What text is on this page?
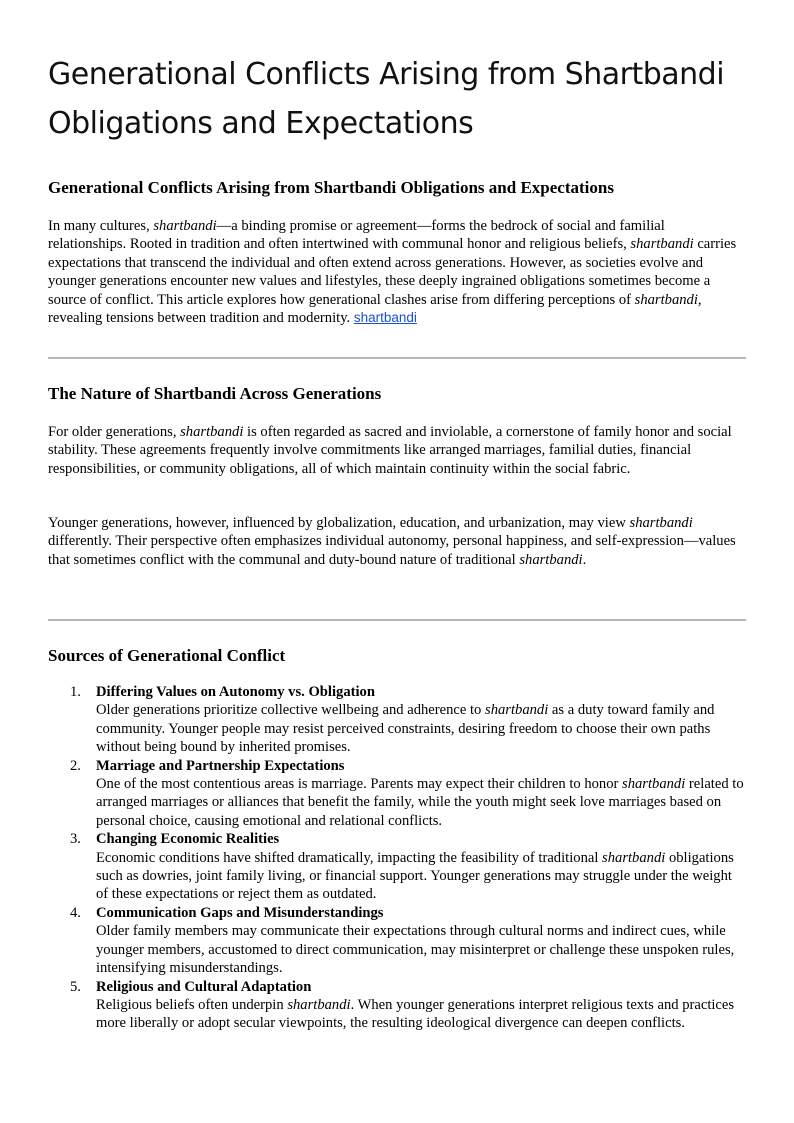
Generational Conflicts Arising from Shartbandi Obligations and Expectations
Generational Conflicts Arising from Shartbandi Obligations and Expectations

In many cultures, shartbandi—a binding promise or agreement—forms the bedrock of social and familial relationships. Rooted in tradition and often intertwined with communal honor and religious beliefs, shartbandi carries expectations that transcend the individual and often extend across generations. However, as societies evolve and younger generations encounter new values and lifestyles, these deeply ingrained obligations sometimes become a source of conflict. This article explores how generational clashes arise from differing perceptions of shartbandi, revealing tensions between tradition and modernity. shartbandi

The Nature of Shartbandi Across Generations

For older generations, shartbandi is often regarded as sacred and inviolable, a cornerstone of family honor and social stability. These agreements frequently involve commitments like arranged marriages, familial duties, financial responsibilities, or community obligations, all of which maintain continuity within the social fabric.

Younger generations, however, influenced by globalization, education, and urbanization, may view shartbandi differently. Their perspective often emphasizes individual autonomy, personal happiness, and self-expression—values that sometimes conflict with the communal and duty-bound nature of traditional shartbandi.

Sources of Generational Conflict
1. Differing Values on Autonomy vs. Obligation
Older generations prioritize collective wellbeing and adherence to shartbandi as a duty toward family and community. Younger people may resist perceived constraints, desiring freedom to choose their own paths without being bound by inherited promises.
2. Marriage and Partnership Expectations
One of the most contentious areas is marriage. Parents may expect their children to honor shartbandi related to arranged marriages or alliances that benefit the family, while the youth might seek love marriages based on personal choice, causing emotional and relational conflicts.
3. Changing Economic Realities
Economic conditions have shifted dramatically, impacting the feasibility of traditional shartbandi obligations such as dowries, joint family living, or financial support. Younger generations may struggle under the weight of these expectations or reject them as outdated.
4. Communication Gaps and Misunderstandings
Older family members may communicate their expectations through cultural norms and indirect cues, while younger members, accustomed to direct communication, may misinterpret or challenge these unspoken rules, intensifying misunderstandings.
5. Religious and Cultural Adaptation
Religious beliefs often underpin shartbandi. When younger generations interpret religious texts and practices more liberally or adopt secular viewpoints, the resulting ideological divergence can deepen conflicts.
